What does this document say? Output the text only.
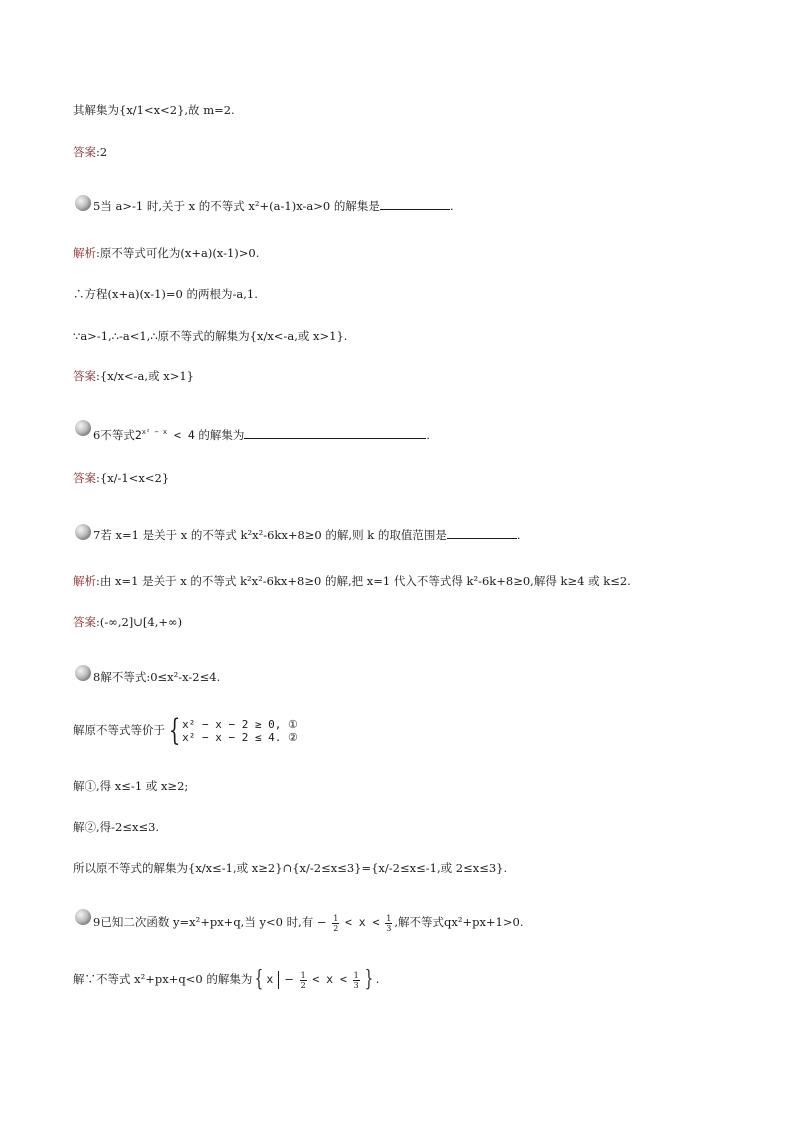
其解集为{x/1<x<2},故 m=2.
答案:2
5当 a>-1 时,关于 x 的不等式 x²+(a-1)x-a>0 的解集是	.
解析:原不等式可化为(x+a)(x-1)>0.
∴方程(x+a)(x-1)=0 的两根为-a,1.
∵a>-1,∴-a<1,∴原不等式的解集为{x/x<-a,或 x>1}.
答案:{x/x<-a,或 x>1}
6不等式$2^{x^2 - x} < 4$ 的解集为	.
答案:{x/-1<x<2}
7若 x=1 是关于 x 的不等式 k²x²-6kx+8≥0 的解,则 k 的取值范围是	.
解析:由 x=1 是关于 x 的不等式 k²x²-6kx+8≥0 的解,把 x=1 代入不等式得 k²-6k+8≥0,解得 k≥4 或 k≤2.
答案:(-∞,2]∪[4,+∞)
8解不等式:0≤x²-x-2≤4.
解原不等式等价于 { x² − x − 2 ≥ 0, ①
x² − x − 2 ≤ 4. ②
解①,得 x≤-1 或 x≥2;
解②,得-2≤x≤3.
所以原不等式的解集为{x/x≤-1,或 x≥2}∩{x/-2≤x≤3}={x/-2≤x≤-1,或 2≤x≤3}.
9已知二次函数 y=x²+px+q,当 y<0 时,有 − $\frac{1}{2} < x < \frac{1}{3}$ ,解不等式qx²+px+1>0.
解∵不等式 x²+px+q<0 的解集为 { $x - \frac{1}{2} < x < \frac{1}{3}$ } .
